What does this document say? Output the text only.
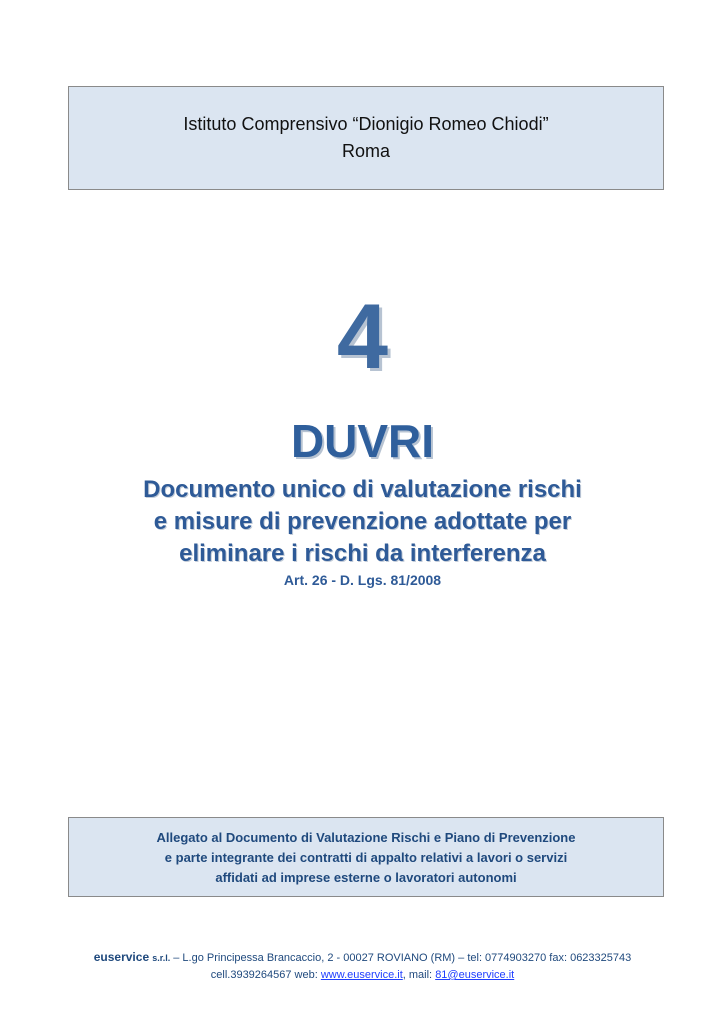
Istituto Comprensivo “Dionigio Romeo Chiodi”
Roma
4
DUVRI
Documento unico di valutazione rischi
e misure di prevenzione adottate per
eliminare i rischi da interferenza
Art. 26 - D. Lgs. 81/2008
Allegato al Documento di Valutazione Rischi e Piano di Prevenzione
e parte integrante dei contratti di appalto relativi a lavori o servizi
affidati ad imprese esterne o lavoratori autonomi
euservice s.r.l. – L.go Principessa Brancaccio, 2 - 00027 ROVIANO (RM) – tel: 0774903270 fax: 0623325743
cell.3939264567 web: www.euservice.it, mail: 81@euservice.it
